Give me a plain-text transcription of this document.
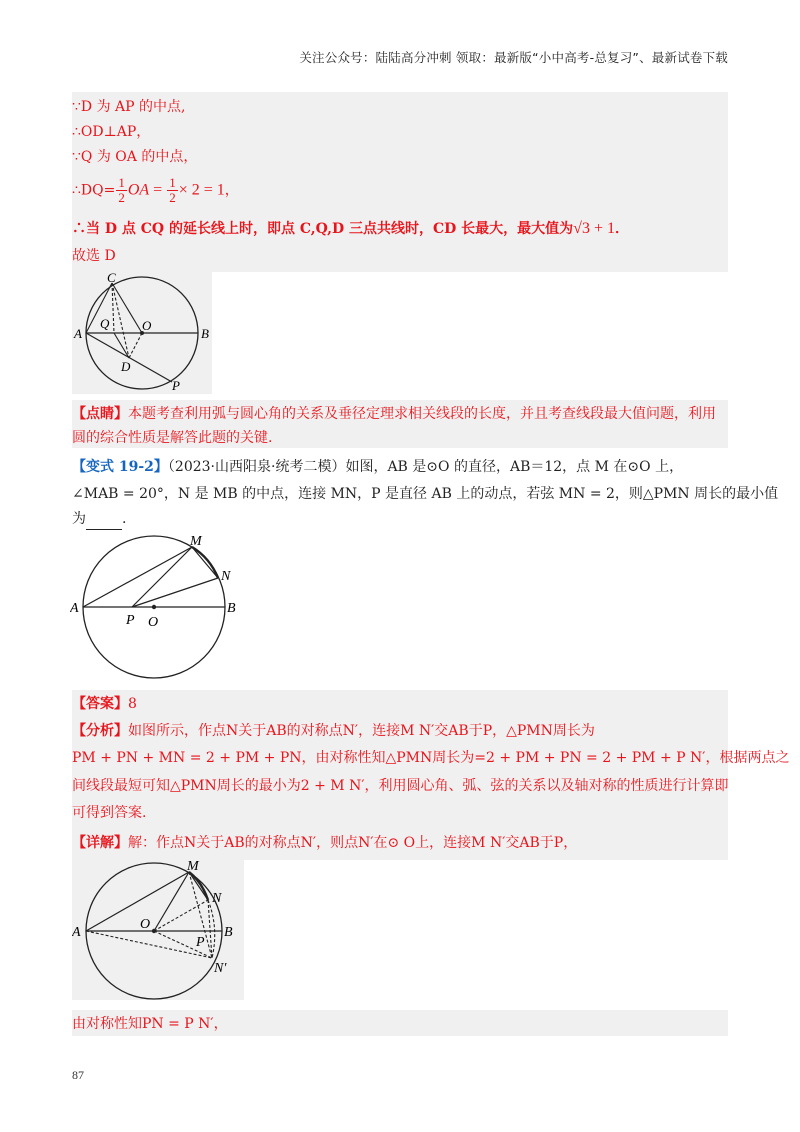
关注公众号：陆陆高分冲刺 领取：最新版“小中高考-总复习”、最新试卷下载
∵D 为 AP 的中点,
∴OD⊥AP，
∵Q 为 OA 的中点，
∴DQ= $\frac{1}{2}$ OA = $\frac{1}{2} \times 2 = 1$，
∴当 D 点 CQ 的延长线上时，即点 C,Q,D 三点共线时，CD 长最大，最大值为√3 + 1．
故选 D
C
Q	O
A	B
D
P
【点睛】本题考查利用弧与圆心角的关系及垂径定理求相关线段的长度，并且考查线段最大值问题，利用
圆的综合性质是解答此题的关键.
【变式 19-2】（2023·山西阳泉·统考二模）如图，AB 是⊙O 的直径，AB＝12，点 M 在⊙O 上，
∠MAB = 20°，N 是 MB 的中点，连接 MN，P 是直径 AB 上的动点，若弦 MN = 2，则△PMN 周长的最小值
为	.
M
N
A	B
P O
【答案】8
【分析】如图所示，作点N关于AB的对称点N′，连接M N′交AB于P，△PMN周长为
PM + PN + MN = 2 + PM + PN，由对称性知△PMN周长为=2 + PM + PN = 2 + PM + P N′，根据两点之
间线段最短可知△PMN周长的最小为2 + M N′，利用圆心角、弧、弦的关系以及轴对称的性质进行计算即
可得到答案.
【详解】解：作点N关于AB的对称点N′，则点N′在⊙ O上，连接M N′交AB于P，
M
N
O
A
P
B
N′
由对称性知PN = P N′，
87
